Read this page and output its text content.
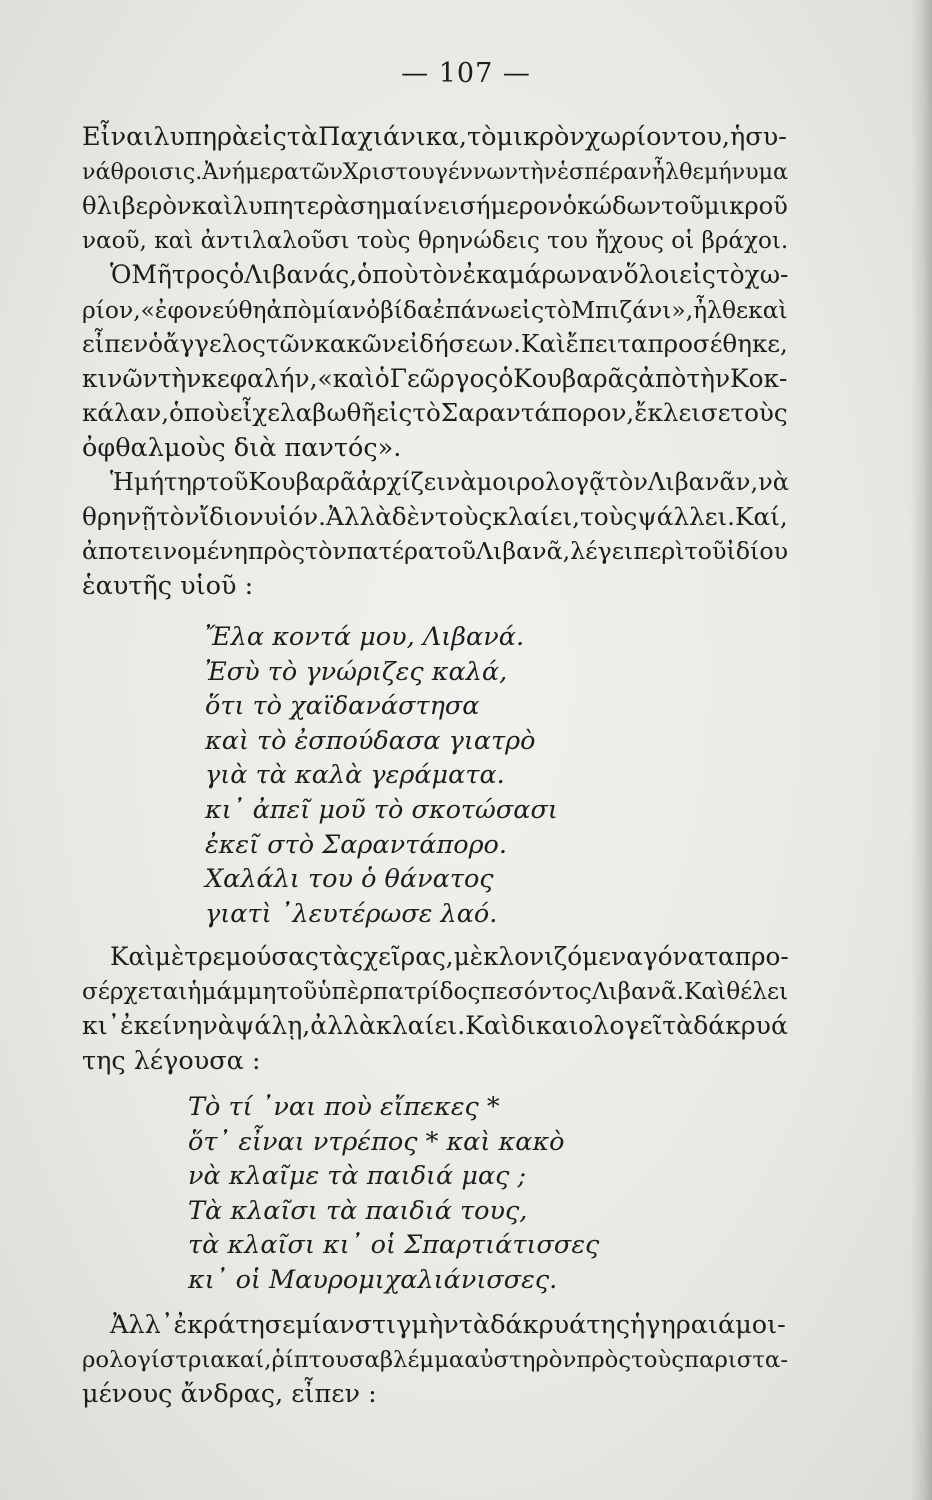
— 107 —
ΕἶναιλυπηρὰεἰςτὰΠαχιάνικα,τὸμικρὸνχωρίοντου,ἡσυ-
νάθροισις.ἈνήμερατῶνΧριστουγέννωντὴνἑσπέρανἦλθεμήνυμα
θλιβερὸνκαὶλυπητερὰσημαίνεισήμερονὁκώδωντοῦμικροῦ
ναοῦ, καὶ ἀντιλαλοῦσι τοὺς θρηνώδεις του ἤχους οἱ βράχοι.
ὉΜῆτροςὁΛιβανάς,ὁποὺτὸνἐκαμάρωνανὅλοιεἰςτὸχω-
ρίον,«ἐφονεύθηἀπὸμίανὀβίδαἐπάνωεἰςτὸΜπιζάνι»,ἦλθεκαὶ
εἶπενὁἄγγελοςτῶνκακῶνεἰδήσεων.Καὶἔπειταπροσέθηκε,
κινῶντὴνκεφαλήν,«καὶὁΓεῶργοςὁΚουβαρᾶςἀπὸτὴνΚοκ-
κάλαν,ὁποὺεἶχελαβωθῆεἰςτὸΣαραντάπορον,ἔκλεισετοὺς
ὀφθαλμοὺς διὰ παντός».
ἩμήτηρτοῦΚουβαρᾶἀρχίζεινὰμοιρολογᾷτὸνΛιβανᾶν,νὰ
θρηνῇτὸνἴδιονυἱόν.Ἀλλὰδὲντοὺςκλαίει,τοὺςψάλλει.Καί,
ἀποτεινομένηπρὸςτὸνπατέρατοῦΛιβανᾶ,λέγειπερὶτοῦἰδίου
ἑαυτῆς υἱοῦ :
Ἔλα κοντά μου, Λιβανά.
Ἐσὺ τὸ γνώριζες καλά,
ὅτι τὸ χαϊδανάστησα
καὶ τὸ ἐσπούδασα γιατρὸ
γιὰ τὰ καλὰ γεράματα.
κι᾽ ἀπεῖ μοῦ τὸ σκοτώσασι
ἐκεῖ στὸ Σαραντάπορο.
Χαλάλι του ὁ θάνατος
γιατὶ ᾽λευτέρωσε λαό.
Καὶμὲτρεμούσαςτὰςχεῖρας,μὲκλονιζόμεναγόναταπρο-
σέρχεταιἡμάμμητοῦὑπὲρπατρίδοςπεσόντοςΛιβανᾶ.Καὶθέλει
κι᾽ἐκείνηνὰψάλῃ,ἀλλὰκλαίει.Καὶδικαιολογεῖτὰδάκρυά
της λέγουσα :
Τὸ τί ᾽ναι ποὺ εἴπεκες *
ὅτ᾽ εἶναι ντρέπος * καὶ κακὸ
νὰ κλαῖμε τὰ παιδιά μας ;
Τὰ κλαῖσι τὰ παιδιά τους,
τὰ κλαῖσι κι᾽ οἱ Σπαρτιάτισσες
κι᾽ οἱ Μαυρομιχαλιάνισσες.
Ἀλλ᾽ἐκράτησεμίανστιγμὴντὰδάκρυάτηςἡγηραιάμοι-
ρολογίστριακαί,ῥίπτουσαβλέμμααὐστηρὸνπρὸςτοὺςπαριστα-
μένους ἄνδρας, εἶπεν :
